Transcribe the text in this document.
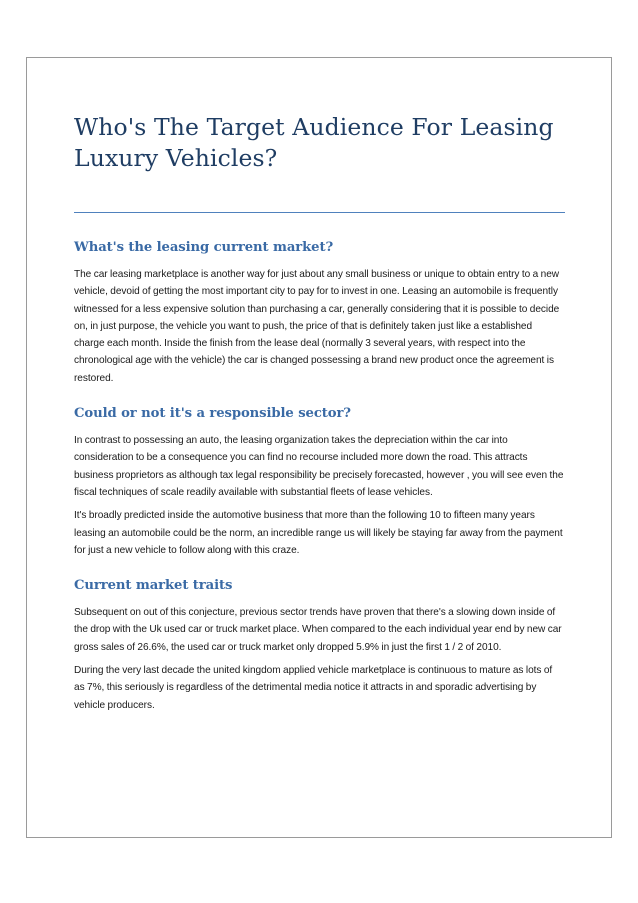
Who's The Target Audience For Leasing Luxury Vehicles?
What's the leasing current market?

The car leasing marketplace is another way for just about any small business or unique to obtain entry to a new vehicle, devoid of getting the most important city to pay for to invest in one. Leasing an automobile is frequently witnessed for a less expensive solution than purchasing a car, generally considering that it is possible to decide on, in just purpose, the vehicle you want to push, the price of that is definitely taken just like a established charge each month. Inside the finish from the lease deal (normally 3 several years, with respect into the chronological age with the vehicle) the car is changed possessing a brand new product once the agreement is restored.

Could or not it's a responsible sector?

In contrast to possessing an auto, the leasing organization takes the depreciation within the car into consideration to be a consequence you can find no recourse included more down the road. This attracts business proprietors as although tax legal responsibility be precisely forecasted, however , you will see even the fiscal techniques of scale readily available with substantial fleets of lease vehicles.

It's broadly predicted inside the automotive business that more than the following 10 to fifteen many years leasing an automobile could be the norm, an incredible range us will likely be staying far away from the payment for just a new vehicle to follow along with this craze.

Current market traits

Subsequent on out of this conjecture, previous sector trends have proven that there's a slowing down inside of the drop with the Uk used car or truck market place. When compared to the each individual year end by new car gross sales of 26.6%, the used car or truck market only dropped 5.9% in just the first 1 / 2 of 2010.

During the very last decade the united kingdom applied vehicle marketplace is continuous to mature as lots of as 7%, this seriously is regardless of the detrimental media notice it attracts in and sporadic advertising by vehicle producers.
